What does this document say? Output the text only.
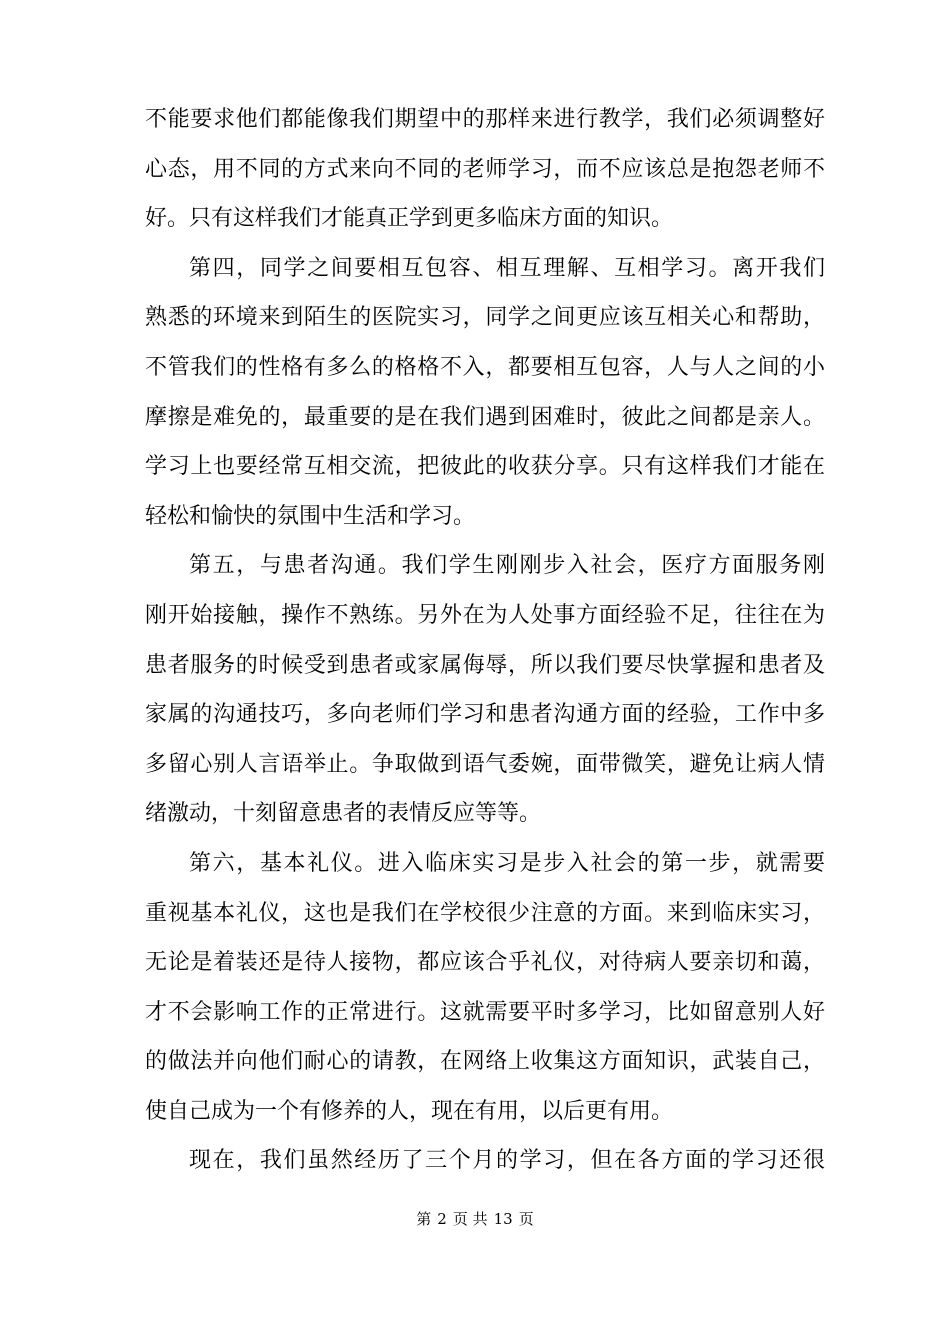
不能要求他们都能像我们期望中的那样来进行教学，我们必须调整好
心态，用不同的方式来向不同的老师学习，而不应该总是抱怨老师不
好。只有这样我们才能真正学到更多临床方面的知识。
第四，同学之间要相互包容、相互理解、互相学习。离开我们
熟悉的环境来到陌生的医院实习，同学之间更应该互相关心和帮助，
不管我们的性格有多么的格格不入，都要相互包容，人与人之间的小
摩擦是难免的，最重要的是在我们遇到困难时，彼此之间都是亲人。
学习上也要经常互相交流，把彼此的收获分享。只有这样我们才能在
轻松和愉快的氛围中生活和学习。
第五，与患者沟通。我们学生刚刚步入社会，医疗方面服务刚
刚开始接触，操作不熟练。另外在为人处事方面经验不足，往往在为
患者服务的时候受到患者或家属侮辱，所以我们要尽快掌握和患者及
家属的沟通技巧，多向老师们学习和患者沟通方面的经验，工作中多
多留心别人言语举止。争取做到语气委婉，面带微笑，避免让病人情
绪激动，十刻留意患者的表情反应等等。
第六，基本礼仪。进入临床实习是步入社会的第一步，就需要
重视基本礼仪，这也是我们在学校很少注意的方面。来到临床实习，
无论是着装还是待人接物，都应该合乎礼仪，对待病人要亲切和蔼，
才不会影响工作的正常进行。这就需要平时多学习，比如留意别人好
的做法并向他们耐心的请教，在网络上收集这方面知识，武装自己，
使自己成为一个有修养的人，现在有用，以后更有用。
现在，我们虽然经历了三个月的学习，但在各方面的学习还很
第 2 页 共 13 页
